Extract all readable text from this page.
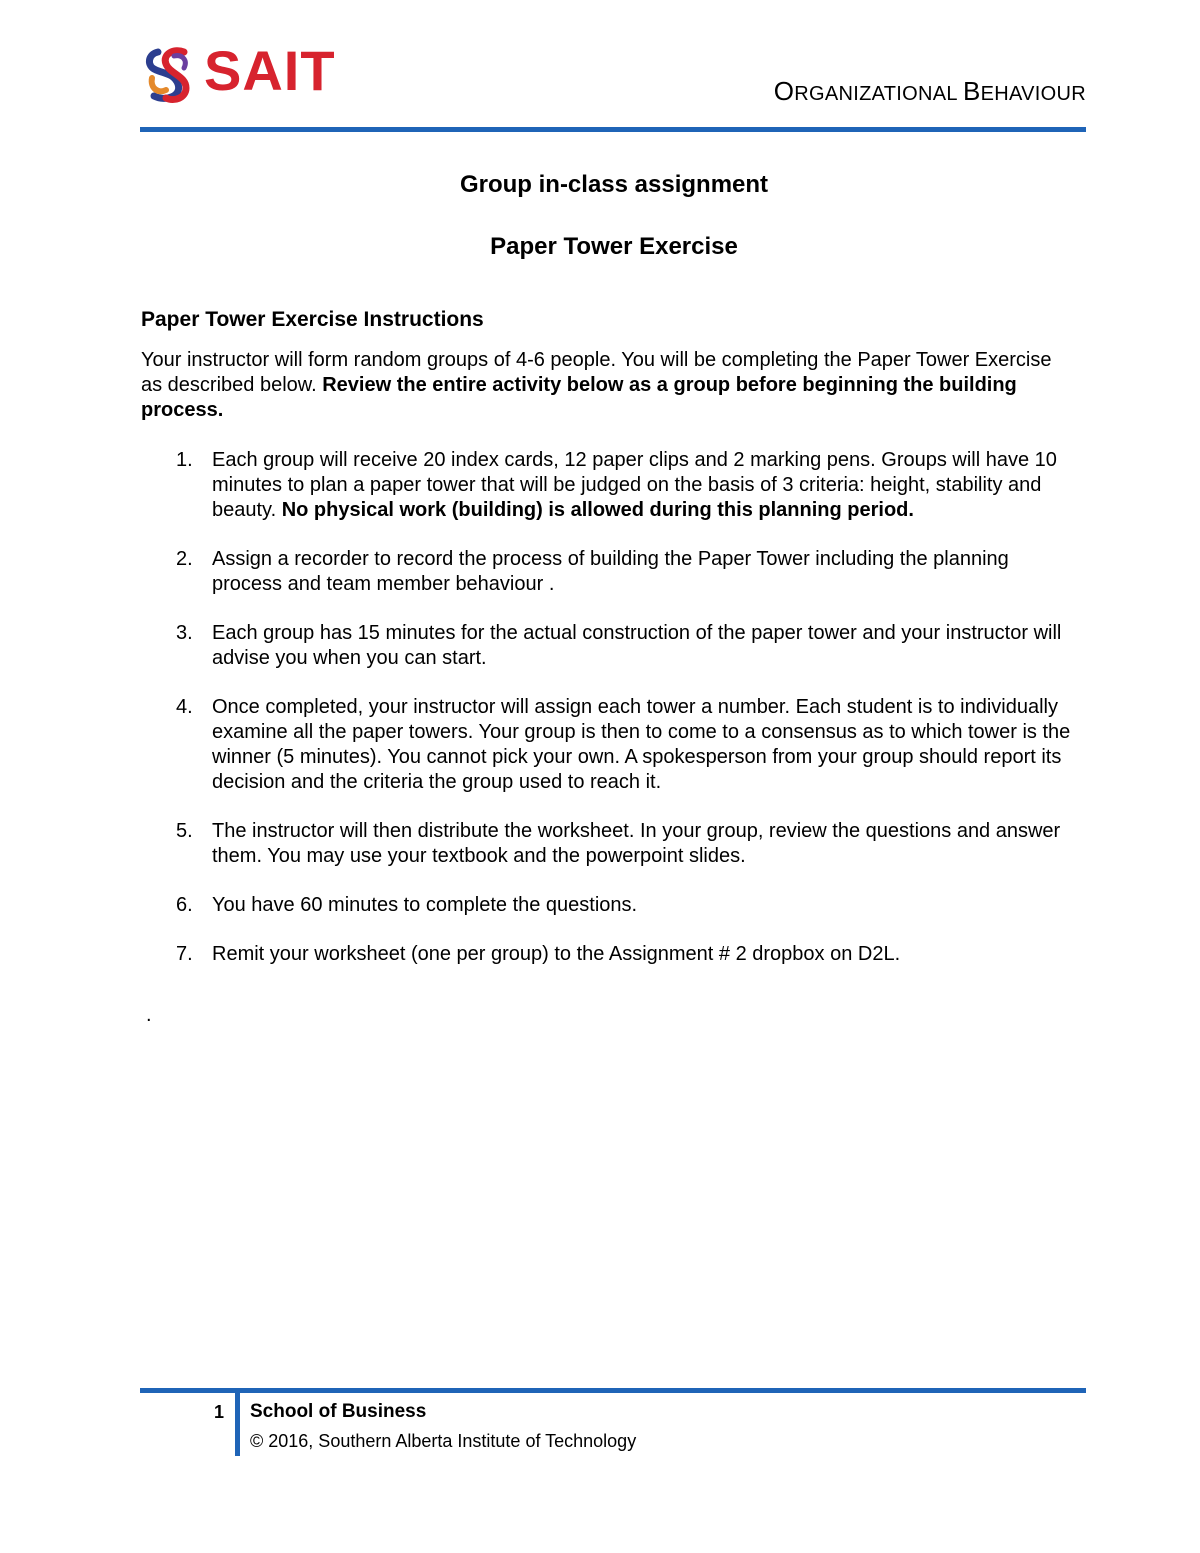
SAIT	ORGANIZATIONAL BEHAVIOUR
Group in-class assignment
Paper Tower Exercise
Paper Tower Exercise Instructions
Your instructor will form random groups of 4-6 people. You will be completing the Paper Tower Exercise as described below. Review the entire activity below as a group before beginning the building process.
1. Each group will receive 20 index cards, 12 paper clips and 2 marking pens. Groups will have 10 minutes to plan a paper tower that will be judged on the basis of 3 criteria: height, stability and beauty. No physical work (building) is allowed during this planning period.
2. Assign a recorder to record the process of building the Paper Tower including the planning process and team member behaviour .
3. Each group has 15 minutes for the actual construction of the paper tower and your instructor will advise you when you can start.
4. Once completed, your instructor will assign each tower a number. Each student is to individually examine all the paper towers. Your group is then to come to a consensus as to which tower is the winner (5 minutes). You cannot pick your own. A spokesperson from your group should report its decision and the criteria the group used to reach it.
5. The instructor will then distribute the worksheet. In your group, review the questions and answer them. You may use your textbook and the powerpoint slides.
6. You have 60 minutes to complete the questions.
7. Remit your worksheet (one per group) to the Assignment # 2 dropbox on D2L.
.
1 School of Business
© 2016, Southern Alberta Institute of Technology
